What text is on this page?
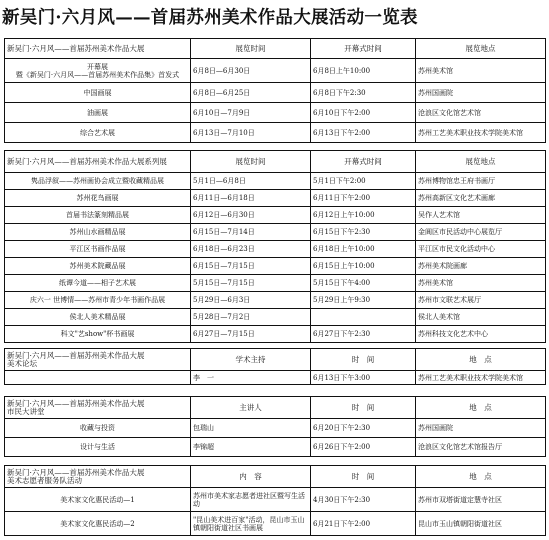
新吴门·六月风——首届苏州美术作品大展活动一览表
新吴门·六月风——首届苏州美术作品大展	展览时间	开幕式时间	展览地点
开幕展
暨《新吴门·六月风——首届苏州美术作品集》首发式	6月8日—6月30日	6月8日上午10:00	苏州美术馆
中国画展	6月8日—6月25日	6月8日下午2:30	苏州国画院
油画展	6月10日—7月9日	6月10日下午2:00	沧浪区文化馆艺术馆
综合艺术展	6月13日—7月10日	6月13日下午2:00	苏州工艺美术职业技术学院美术馆
新吴门·六月风——首届苏州美术作品大展系列展	展览时间	开幕式时间	展览地点
隽品浮叙——苏州画协会成立暨收藏精品展	5月1日—6月8日	5月1日下午2:00	苏州博物馆忠王府书画厅
苏州花鸟画展	6月11日—6月18日	6月11日下午2:00	苏州高新区文化艺术画廊
首届书法篆刻精品展	6月12日—6月30日	6月12日上午10:00	吴作人艺术馆
苏州山水画精品展	6月15日—7月14日	6月15日下午2:30	金阊区市民活动中心展览厅
平江区书画作品展	6月18日—6月23日	6月18日上午10:00	平江区市民文化活动中心
苏州美术院藏品展	6月15日—7月15日	6月15日上午10:00	苏州美术院画廊
纸谭今道——相子艺术展	5月15日—7月15日	5月15日下午4:00	苏州美术馆
庆六一 世博情——苏州市青少年书画作品展	5月29日—6月3日	5月29日上午9:30	苏州市文联艺术展厅
侯北人美术精品展	5月28日—7月2日		侯北人美术馆
科文"艺show"杯书画展	6月27日—7月15日	6月27日下午2:30	苏州科技文化艺术中心
新吴门·六月风——首届苏州美术作品大展
美术论坛	学术主持	时　间	地　点
	李　一	6月13日下午3:00	苏州工艺美术职业技术学院美术馆
新吴门·六月风——首届苏州美术作品大展
市民大讲堂	主讲人	时　间	地　点
收藏与投资	包瑞山	6月20日下午2:30	苏州国画院
设计与生活	李锦超	6月26日下午2:00	沧浪区文化馆艺术馆报告厅
新吴门·六月风——首届苏州美术作品大展
美术志愿者服务队活动	内　容	时　间	地　点
美术家文化惠民活动—1	苏州市美术家志愿者进社区暨写生活动	4月30日下午2:30	苏州市双塔街道定慧寺社区
美术家文化惠民活动—2	"昆山美术进百家"活动，昆山市玉山镇朝阳街道社区书画展	6月21日下午2:00	昆山市玉山镇朝阳街道社区
